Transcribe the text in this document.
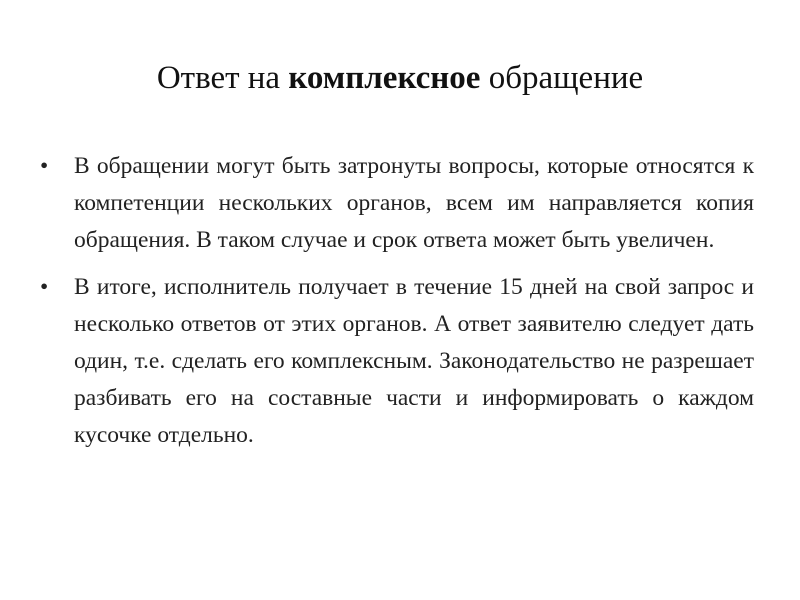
Ответ на комплексное обращение
• В обращении могут быть затронуты вопросы, которые относятся к компетенции нескольких органов, всем им направляется копия обращения. В таком случае и срок ответа может быть увеличен.
• В итоге, исполнитель получает в течение 15 дней на свой запрос и несколько ответов от этих органов. А ответ заявителю следует дать один, т.е. сделать его комплексным. Законодательство не разрешает разбивать его на составные части и информировать о каждом кусочке отдельно.
